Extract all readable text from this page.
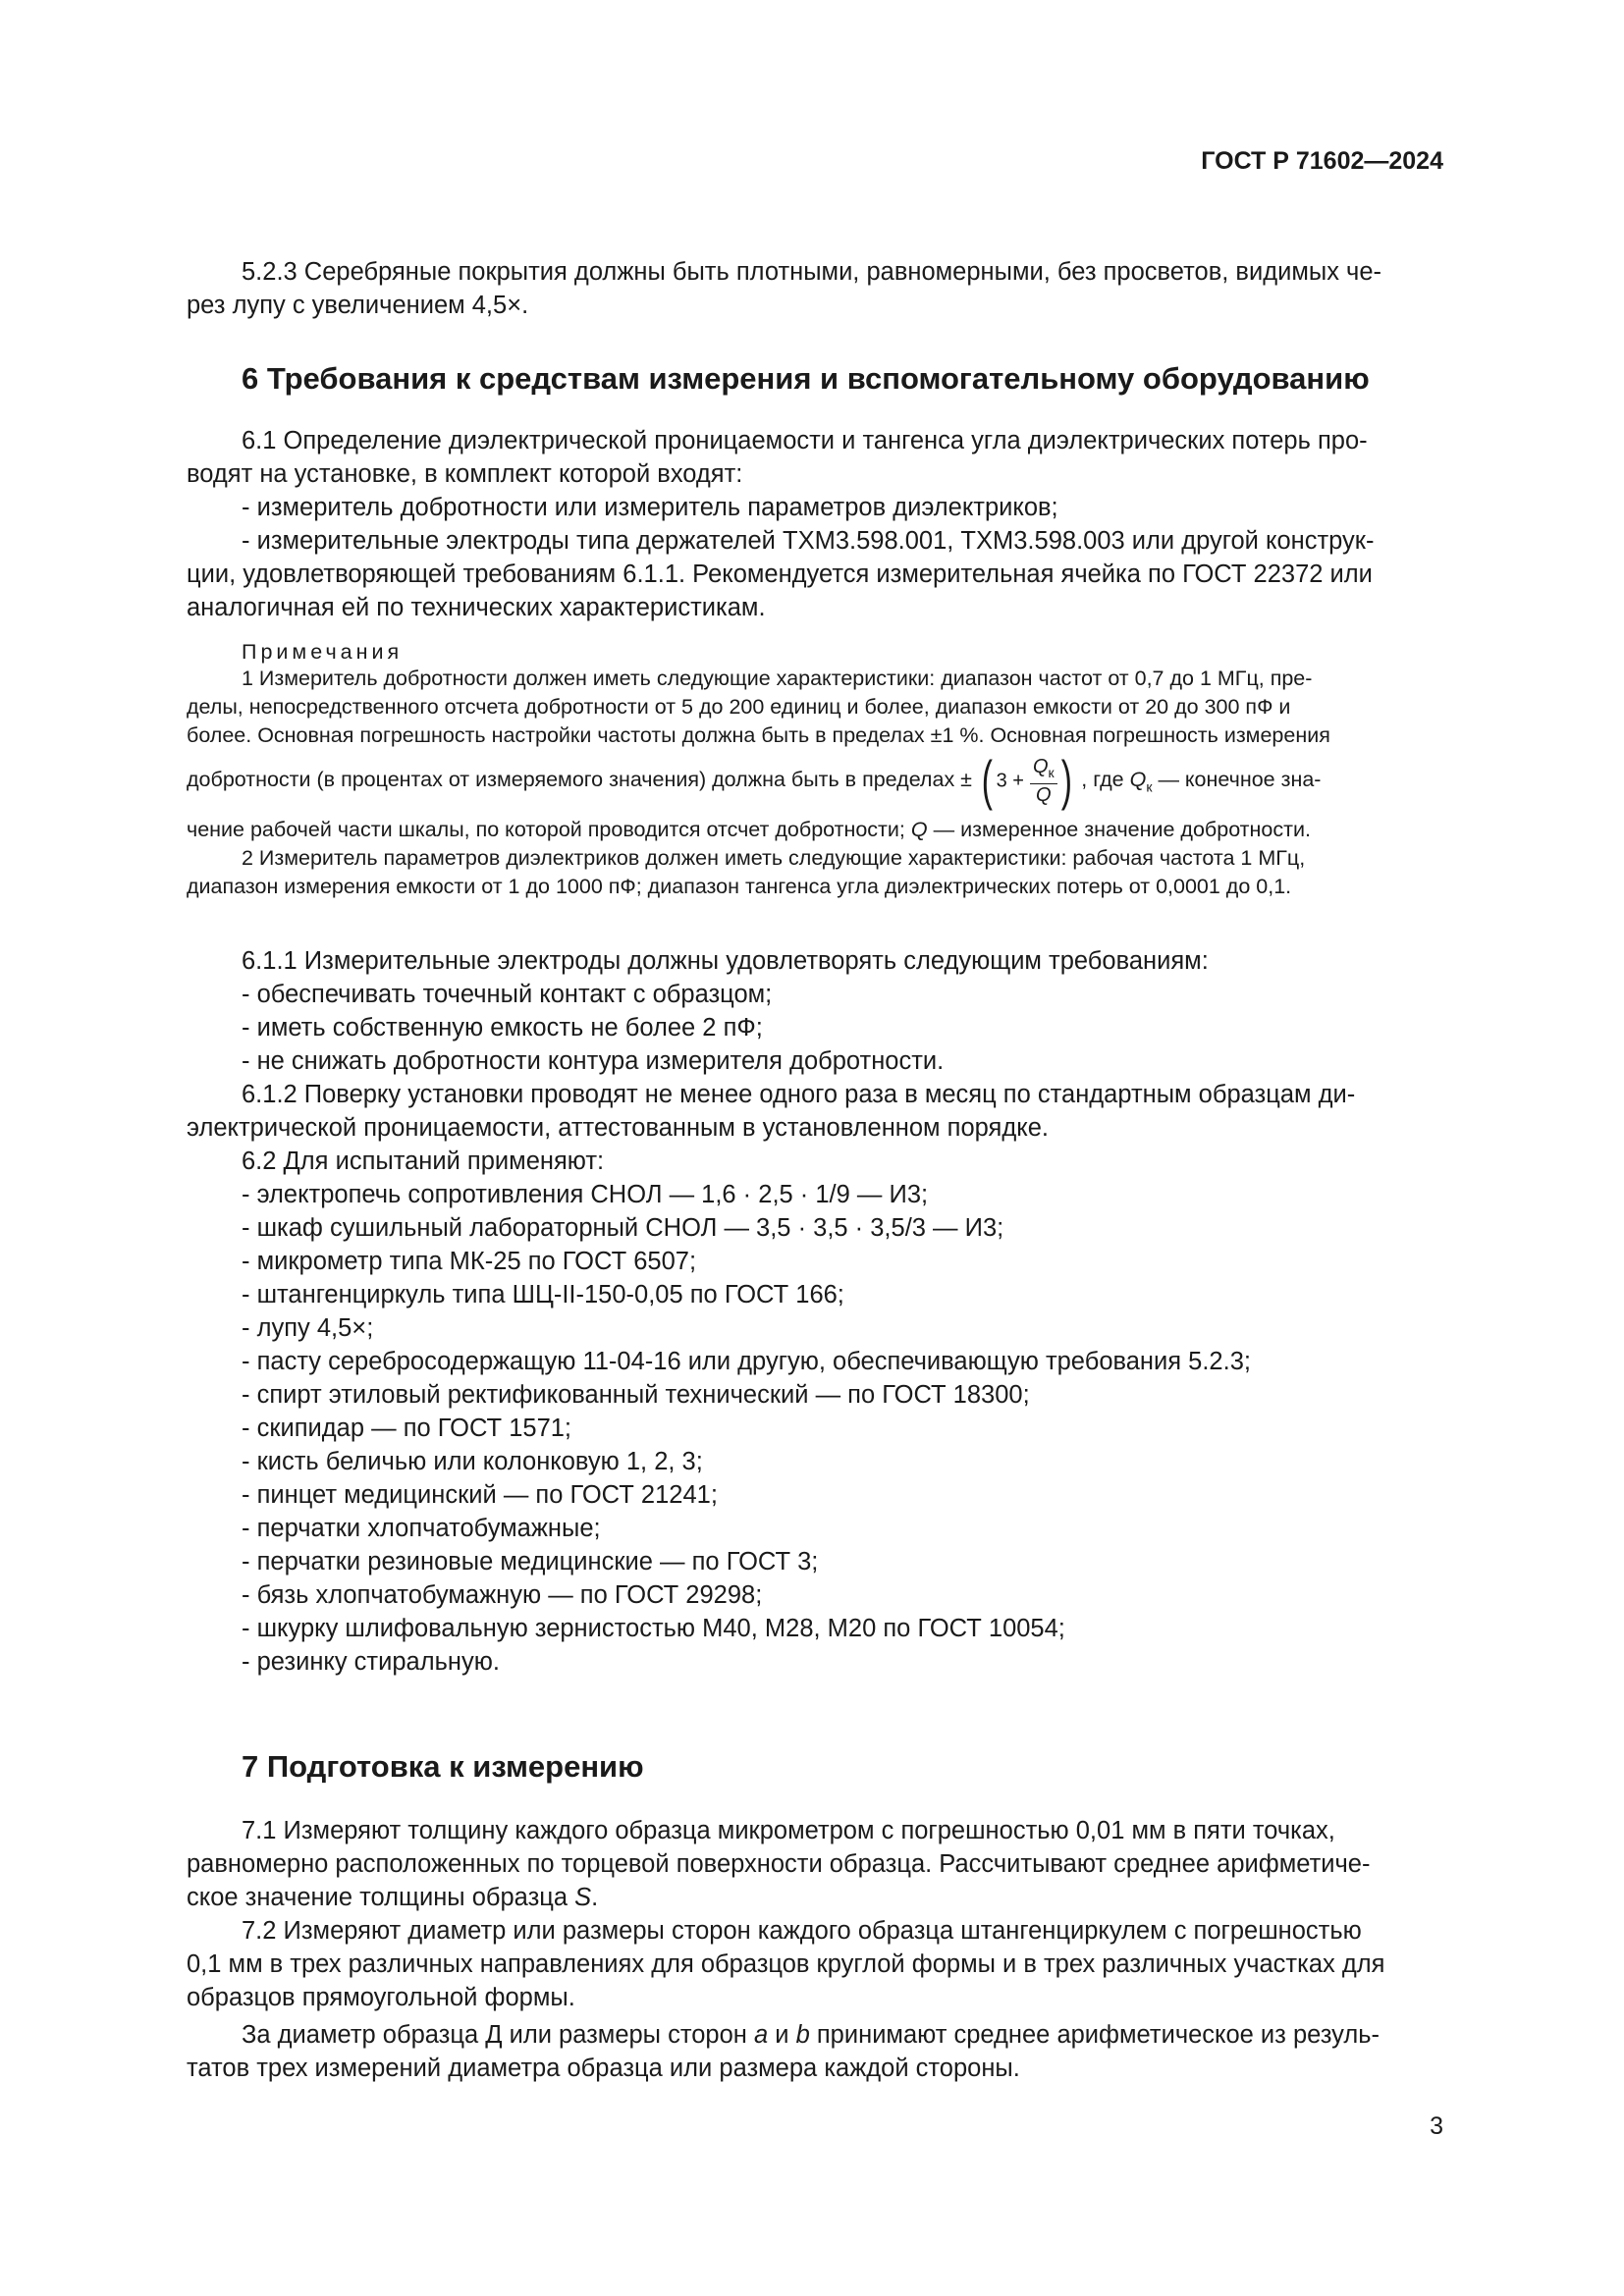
ГОСТ Р 71602—2024

5.2.3 Серебряные покрытия должны быть плотными, равномерными, без просветов, видимых че-

рез лупу с увеличением 4,5×.

6 Требования к средствам измерения и вспомогательному оборудованию

6.1 Определение диэлектрической проницаемости и тангенса угла диэлектрических потерь про-

водят на установке, в комплект которой входят:

- измеритель добротности или измеритель параметров диэлектриков;

- измерительные электроды типа держателей ТХМ3.598.001, ТХМ3.598.003 или другой конструк-

ции, удовлетворяющей требованиям 6.1.1. Рекомендуется измерительная ячейка по ГОСТ 22372 или

аналогичная ей по технических характеристикам.

Примечания

1 Измеритель добротности должен иметь следующие характеристики: диапазон частот от 0,7 до 1 МГц, пре-

делы, непосредственного отсчета добротности от 5 до 200 единиц и более, диапазон емкости от 20 до 300 пФ и

более. Основная погрешность настройки частоты должна быть в пределах ±1 %. Основная погрешность измерения

добротности (в процентах от измеряемого значения) должна быть в пределах ± ( $3 + \frac{Q_к}{Q}$ ) , где $Q_к$ — конечное зна-

чение рабочей части шкалы, по которой проводится отсчет добротности; Q — измеренное значение добротности.

2 Измеритель параметров диэлектриков должен иметь следующие характеристики: рабочая частота 1 МГц,

диапазон измерения емкости от 1 до 1000 пФ; диапазон тангенса угла диэлектрических потерь от 0,0001 до 0,1.

6.1.1 Измерительные электроды должны удовлетворять следующим требованиям:

- обеспечивать точечный контакт с образцом;

- иметь собственную емкость не более 2 пФ;

- не снижать добротности контура измерителя добротности.

6.1.2 Поверку установки проводят не менее одного раза в месяц по стандартным образцам ди-

электрической проницаемости, аттестованным в установленном порядке.

6.2 Для испытаний применяют:

- электропечь сопротивления СНОЛ — 1,6 · 2,5 · 1/9 — И3;

- шкаф сушильный лабораторный СНОЛ — 3,5 · 3,5 · 3,5/3 — И3;

- микрометр типа МК-25 по ГОСТ 6507;

- штангенциркуль типа ШЦ-II-150-0,05 по ГОСТ 166;

- лупу 4,5×;

- пасту серебросодержащую 11-04-16 или другую, обеспечивающую требования 5.2.3;

- спирт этиловый ректификованный технический — по ГОСТ 18300;

- скипидар — по ГОСТ 1571;

- кисть беличью или колонковую 1, 2, 3;

- пинцет медицинский — по ГОСТ 21241;

- перчатки хлопчатобумажные;

- перчатки резиновые медицинские — по ГОСТ 3;

- бязь хлопчатобумажную — по ГОСТ 29298;

- шкурку шлифовальную зернистостью М40, М28, М20 по ГОСТ 10054;

- резинку стиральную.

7 Подготовка к измерению

7.1 Измеряют толщину каждого образца микрометром с погрешностью 0,01 мм в пяти точках,

равномерно расположенных по торцевой поверхности образца. Рассчитывают среднее арифметиче-

ское значение толщины образца S.

7.2 Измеряют диаметр или размеры сторон каждого образца штангенциркулем с погрешностью

0,1 мм в трех различных направлениях для образцов круглой формы и в трех различных участках для

образцов прямоугольной формы.

За диаметр образца Д или размеры сторон a и b принимают среднее арифметическое из резуль-

татов трех измерений диаметра образца или размера каждой стороны.

3
